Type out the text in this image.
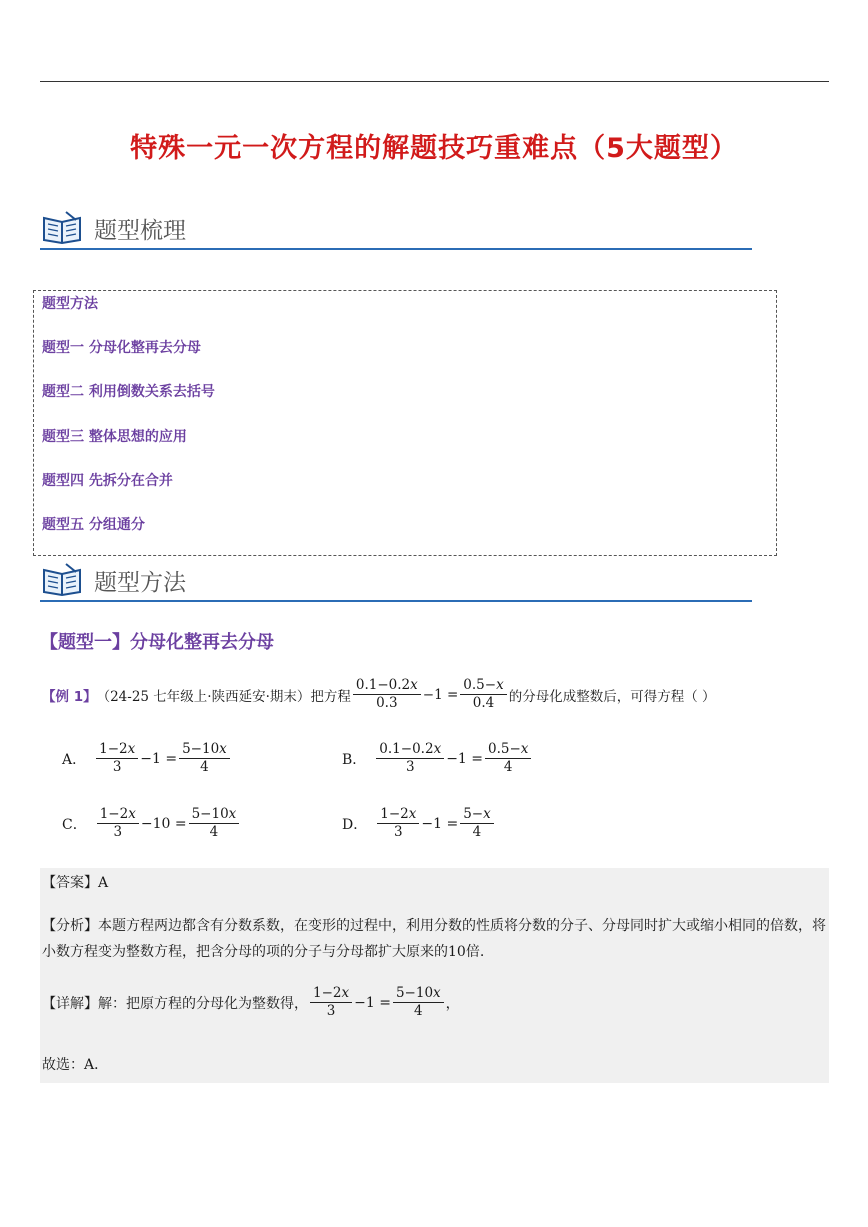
特殊一元一次方程的解题技巧重难点（5大题型）
题型梳理
题型方法
题型一 分母化整再去分母
题型二 利用倒数关系去括号
题型三 整体思想的应用
题型四 先拆分在合并
题型五 分组通分
题型方法
【题型一】分母化整再去分母
【例 1】 （24-25 七年级上·陕西延安·期末）把方程 $\frac{0.1-0.2x}{0.3} -1 = \frac{0.5-x}{0.4}$ 的分母化成整数后，可得方程（ ）
A． $\frac{1-2x}{3} -1 = \frac{5-10x}{4}$	B． $\frac{0.1-0.2x}{3} -1 = \frac{0.5-x}{4}$
C． $\frac{1-2x}{3} -10 = \frac{5-10x}{4}$	D． $\frac{1-2x}{3} -1 = \frac{5-x}{4}$
【答案】A
【分析】本题方程两边都含有分数系数，在变形的过程中，利用分数的性质将分数的分子、分母同时扩大或缩小相同的倍数，将小数方程变为整数方程，把含分母的项的分子与分母都扩大原来的10倍.
【详解】解：把原方程的分母化为整数得， $\frac{1-2x}{3} -1 = \frac{5-10x}{4}$ ，
故选：A．
